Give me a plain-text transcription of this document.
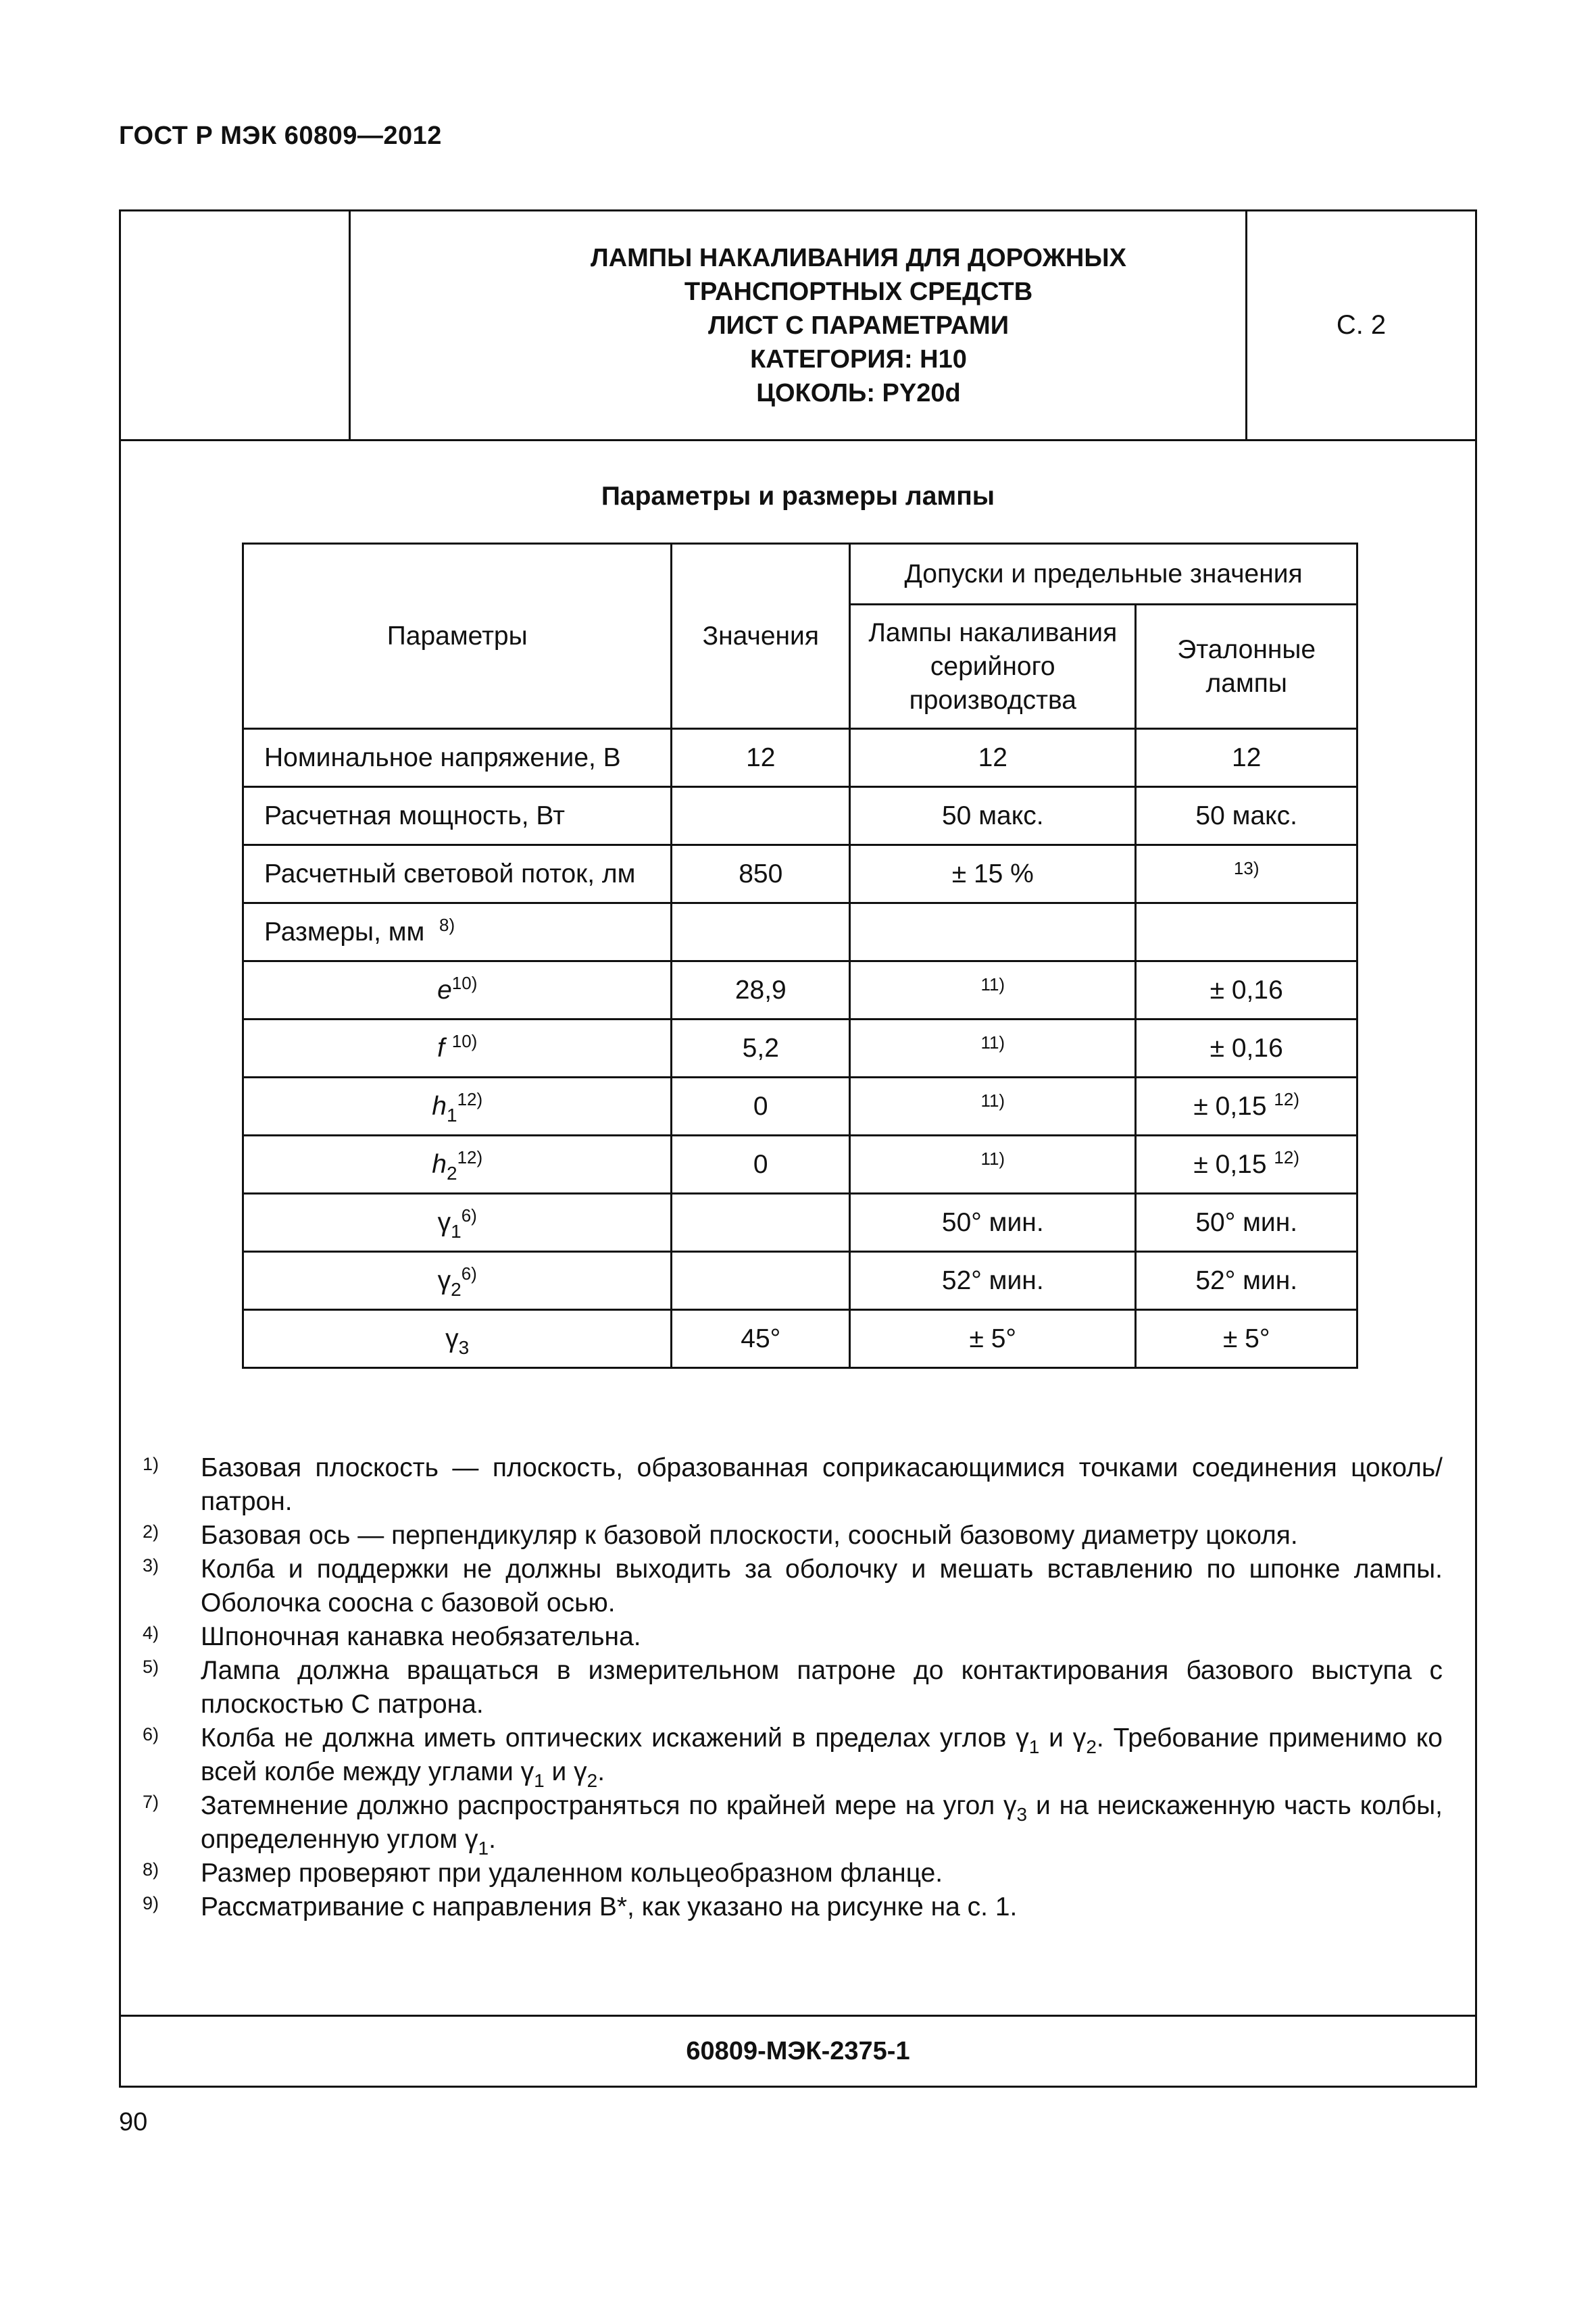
ГОСТ Р МЭК 60809—2012
ЛАМПЫ НАКАЛИВАНИЯ ДЛЯ ДОРОЖНЫХ
ТРАНСПОРТНЫХ СРЕДСТВ
ЛИСТ С ПАРАМЕТРАМИ
КАТЕГОРИЯ: H10
ЦОКОЛЬ: PY20d
С. 2
Параметры и размеры лампы
Параметры	Значения	Допуски и предельные значения	
		Лампы накаливания серийного производства	Эталонные лампы
Номинальное напряжение, В	12	12	12
Расчетная мощность, Вт		50 макс.	50 макс.
Расчетный световой поток, лм	850	± 15 %	13)
Размеры, мм $^{8)}$			
$e^{10)}$	28,9	11)	± 0,16
f $^{10)}$	5,2	11)	± 0,16
$h_1^{12)}$	0	11)	± 0,15 $^{12)}$
$h_2^{12)}$	0	11)	± 0,15 $^{12)}$
$\gamma_1^{6)}$		50° мин.	50° мин.
$\gamma_2^{6)}$		52° мин.	52° мин.
$\gamma_3$	45°	± 5°	± 5°
1) Базовая плоскость — плоскость, образованная соприкасающимися точками соединения цоколь/патрон.
2) Базовая ось — перпендикуляр к базовой плоскости, соосный базовому диаметру цоколя.
3) Колба и поддержки не должны выходить за оболочку и мешать вставлению по шпонке лампы. Оболочка соосна с базовой осью.
4) Шпоночная канавка необязательна.
5) Лампа должна вращаться в измерительном патроне до контактирования базового выступа с плоскостью С патрона.
6) Колба не должна иметь оптических искажений в пределах углов $\gamma_1$ и $\gamma_2$. Требование применимо ко всей колбе между углами $\gamma_1$ и $\gamma_2$.
7) Затемнение должно распространяться по крайней мере на угол $\gamma_3$ и на неискаженную часть колбы, определенную углом $\gamma_1$.
8) Размер проверяют при удаленном кольцеобразном фланце.
9) Рассматривание с направления В*, как указано на рисунке на с. 1.
60809-МЭК-2375-1
90
